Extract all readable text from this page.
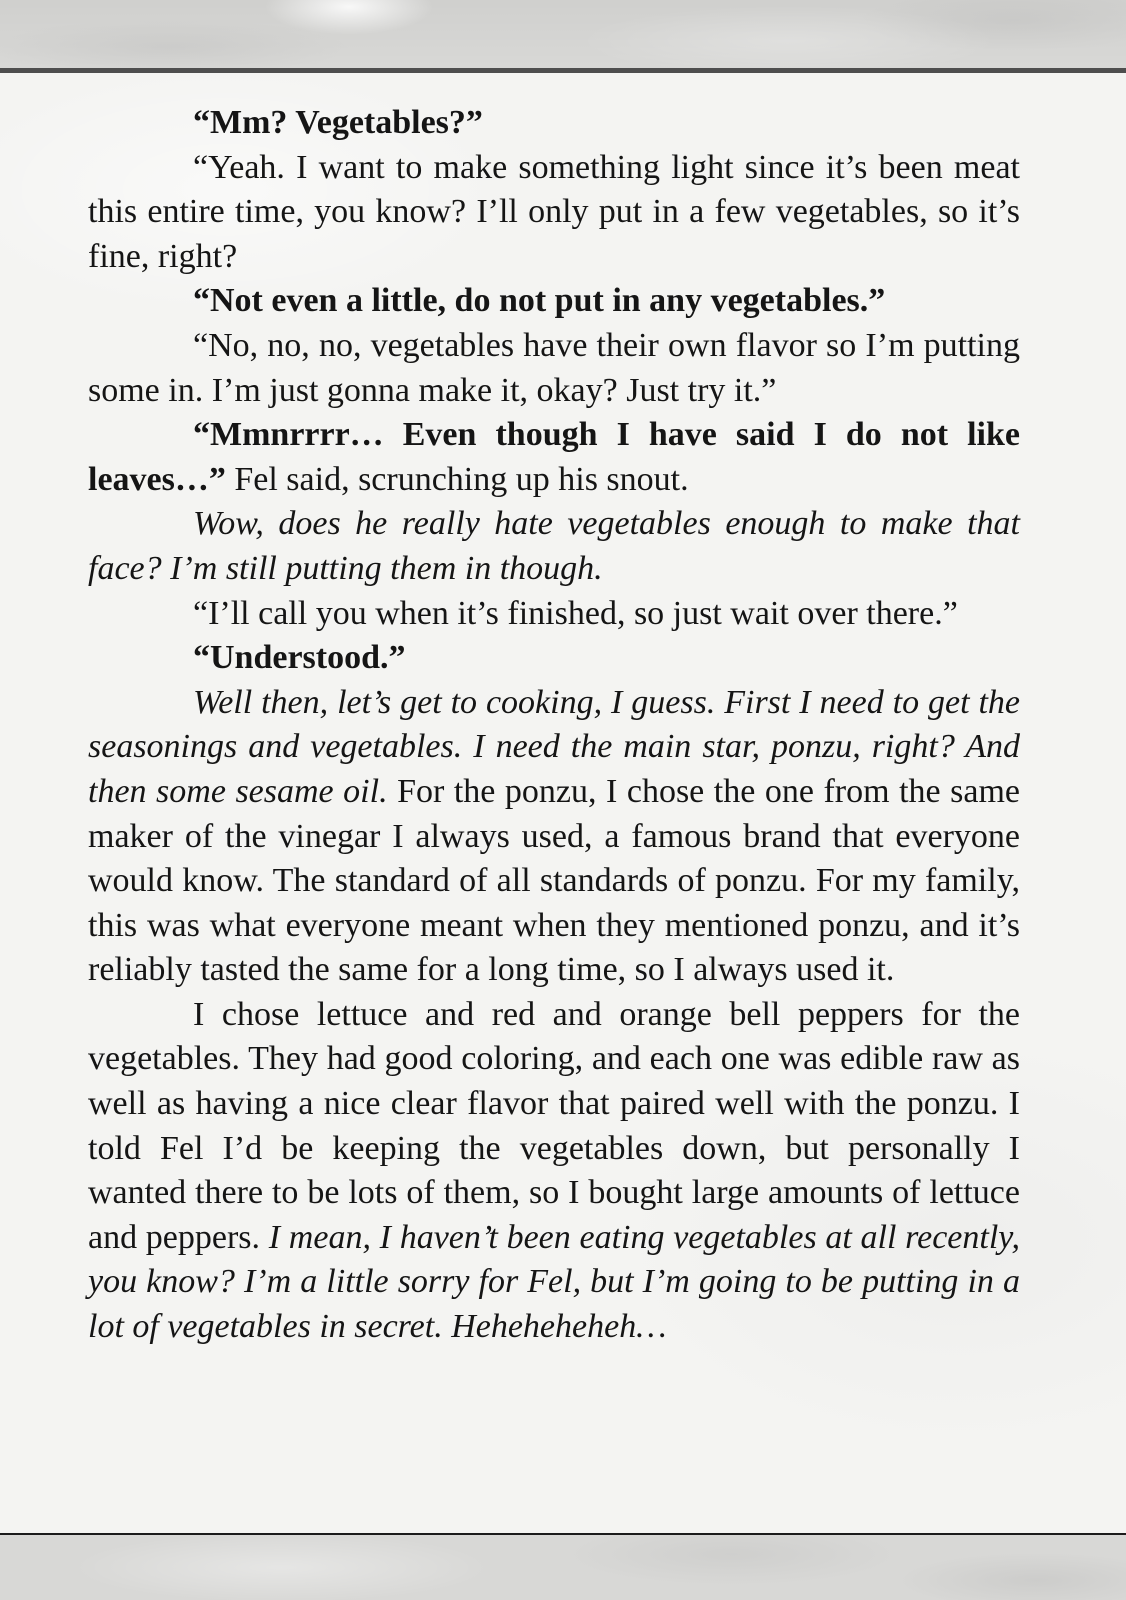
“Mm? Vegetables?”

“Yeah. I want to make something light since it’s been meat this entire time, you know? I’ll only put in a few vegetables, so it’s fine, right?

“Not even a little, do not put in any vegetables.”

“No, no, no, vegetables have their own flavor so I’m putting some in. I’m just gonna make it, okay? Just try it.”

“Mmnrrrr… Even though I have said I do not like leaves…” Fel said, scrunching up his snout.

Wow, does he really hate vegetables enough to make that face? I’m still putting them in though.

“I’ll call you when it’s finished, so just wait over there.”

“Understood.”

Well then, let’s get to cooking, I guess. First I need to get the seasonings and vegetables. I need the main star, ponzu, right? And then some sesame oil. For the ponzu, I chose the one from the same maker of the vinegar I always used, a famous brand that everyone would know. The standard of all standards of ponzu. For my family, this was what everyone meant when they mentioned ponzu, and it’s reliably tasted the same for a long time, so I always used it.

I chose lettuce and red and orange bell peppers for the vegetables. They had good coloring, and each one was edible raw as well as having a nice clear flavor that paired well with the ponzu. I told Fel I’d be keeping the vegetables down, but personally I wanted there to be lots of them, so I bought large amounts of lettuce and peppers. I mean, I haven’t been eating vegetables at all recently, you know? I’m a little sorry for Fel, but I’m going to be putting in a lot of vegetables in secret. Heheheheheh…
